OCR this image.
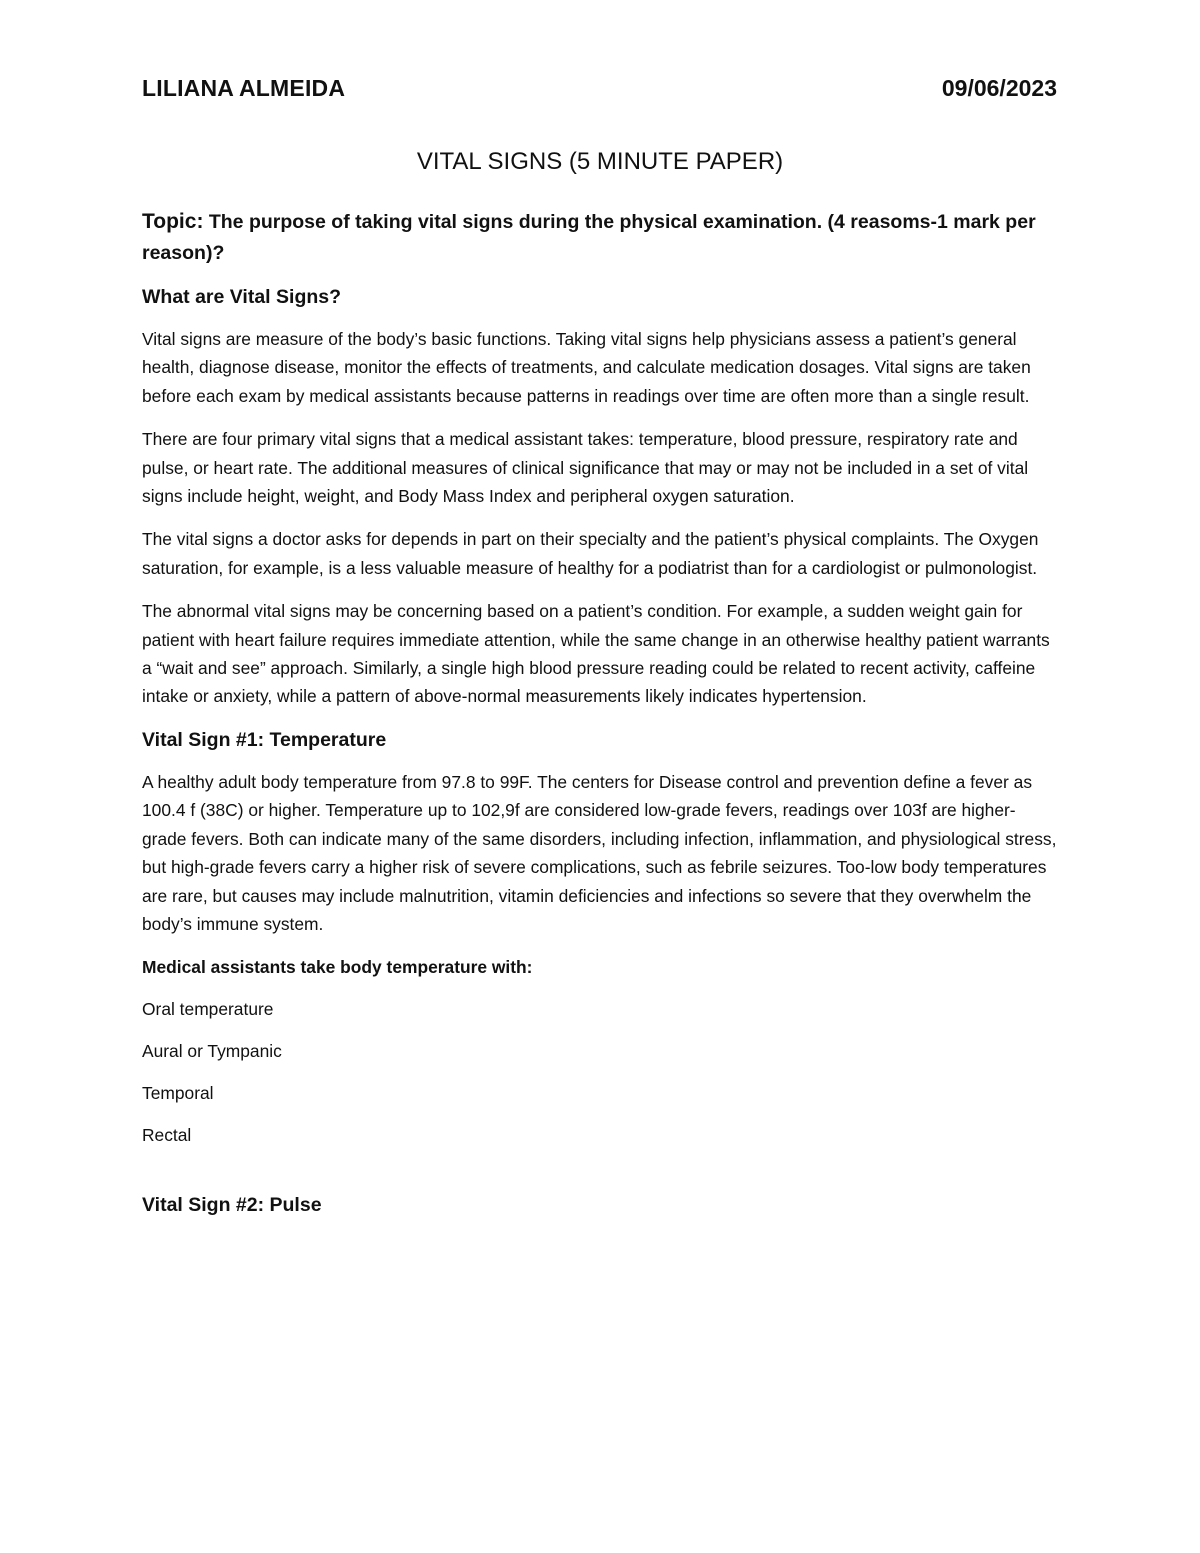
LILIANA ALMEIDA	09/06/2023
VITAL SIGNS (5 MINUTE PAPER)
Topic: The purpose of taking vital signs during the physical examination. (4 reasoms-1 mark per reason)?
What are Vital Signs?

Vital signs are measure of the body’s basic functions. Taking vital signs help physicians assess a patient’s general health, diagnose disease, monitor the effects of treatments, and calculate medication dosages. Vital signs are taken before each exam by medical assistants because patterns in readings over time are often more than a single result.

There are four primary vital signs that a medical assistant takes: temperature, blood pressure, respiratory rate and pulse, or heart rate. The additional measures of clinical significance that may or may not be included in a set of vital signs include height, weight, and Body Mass Index and peripheral oxygen saturation.

The vital signs a doctor asks for depends in part on their specialty and the patient’s physical complaints. The Oxygen saturation, for example, is a less valuable measure of healthy for a podiatrist than for a cardiologist or pulmonologist.

The abnormal vital signs may be concerning based on a patient’s condition. For example, a sudden weight gain for patient with heart failure requires immediate attention, while the same change in an otherwise healthy patient warrants a “wait and see” approach. Similarly, a single high blood pressure reading could be related to recent activity, caffeine intake or anxiety, while a pattern of above-normal measurements likely indicates hypertension.

Vital Sign #1: Temperature

A healthy adult body temperature from 97.8 to 99F. The centers for Disease control and prevention define a fever as 100.4 f (38C) or higher. Temperature up to 102,9f are considered low-grade fevers, readings over 103f are higher-grade fevers. Both can indicate many of the same disorders, including infection, inflammation, and physiological stress, but high-grade fevers carry a higher risk of severe complications, such as febrile seizures. Too-low body temperatures are rare, but causes may include malnutrition, vitamin deficiencies and infections so severe that they overwhelm the body’s immune system.

Medical assistants take body temperature with:
Oral temperature
Aural or Tympanic
Temporal
Rectal
Vital Sign #2: Pulse
